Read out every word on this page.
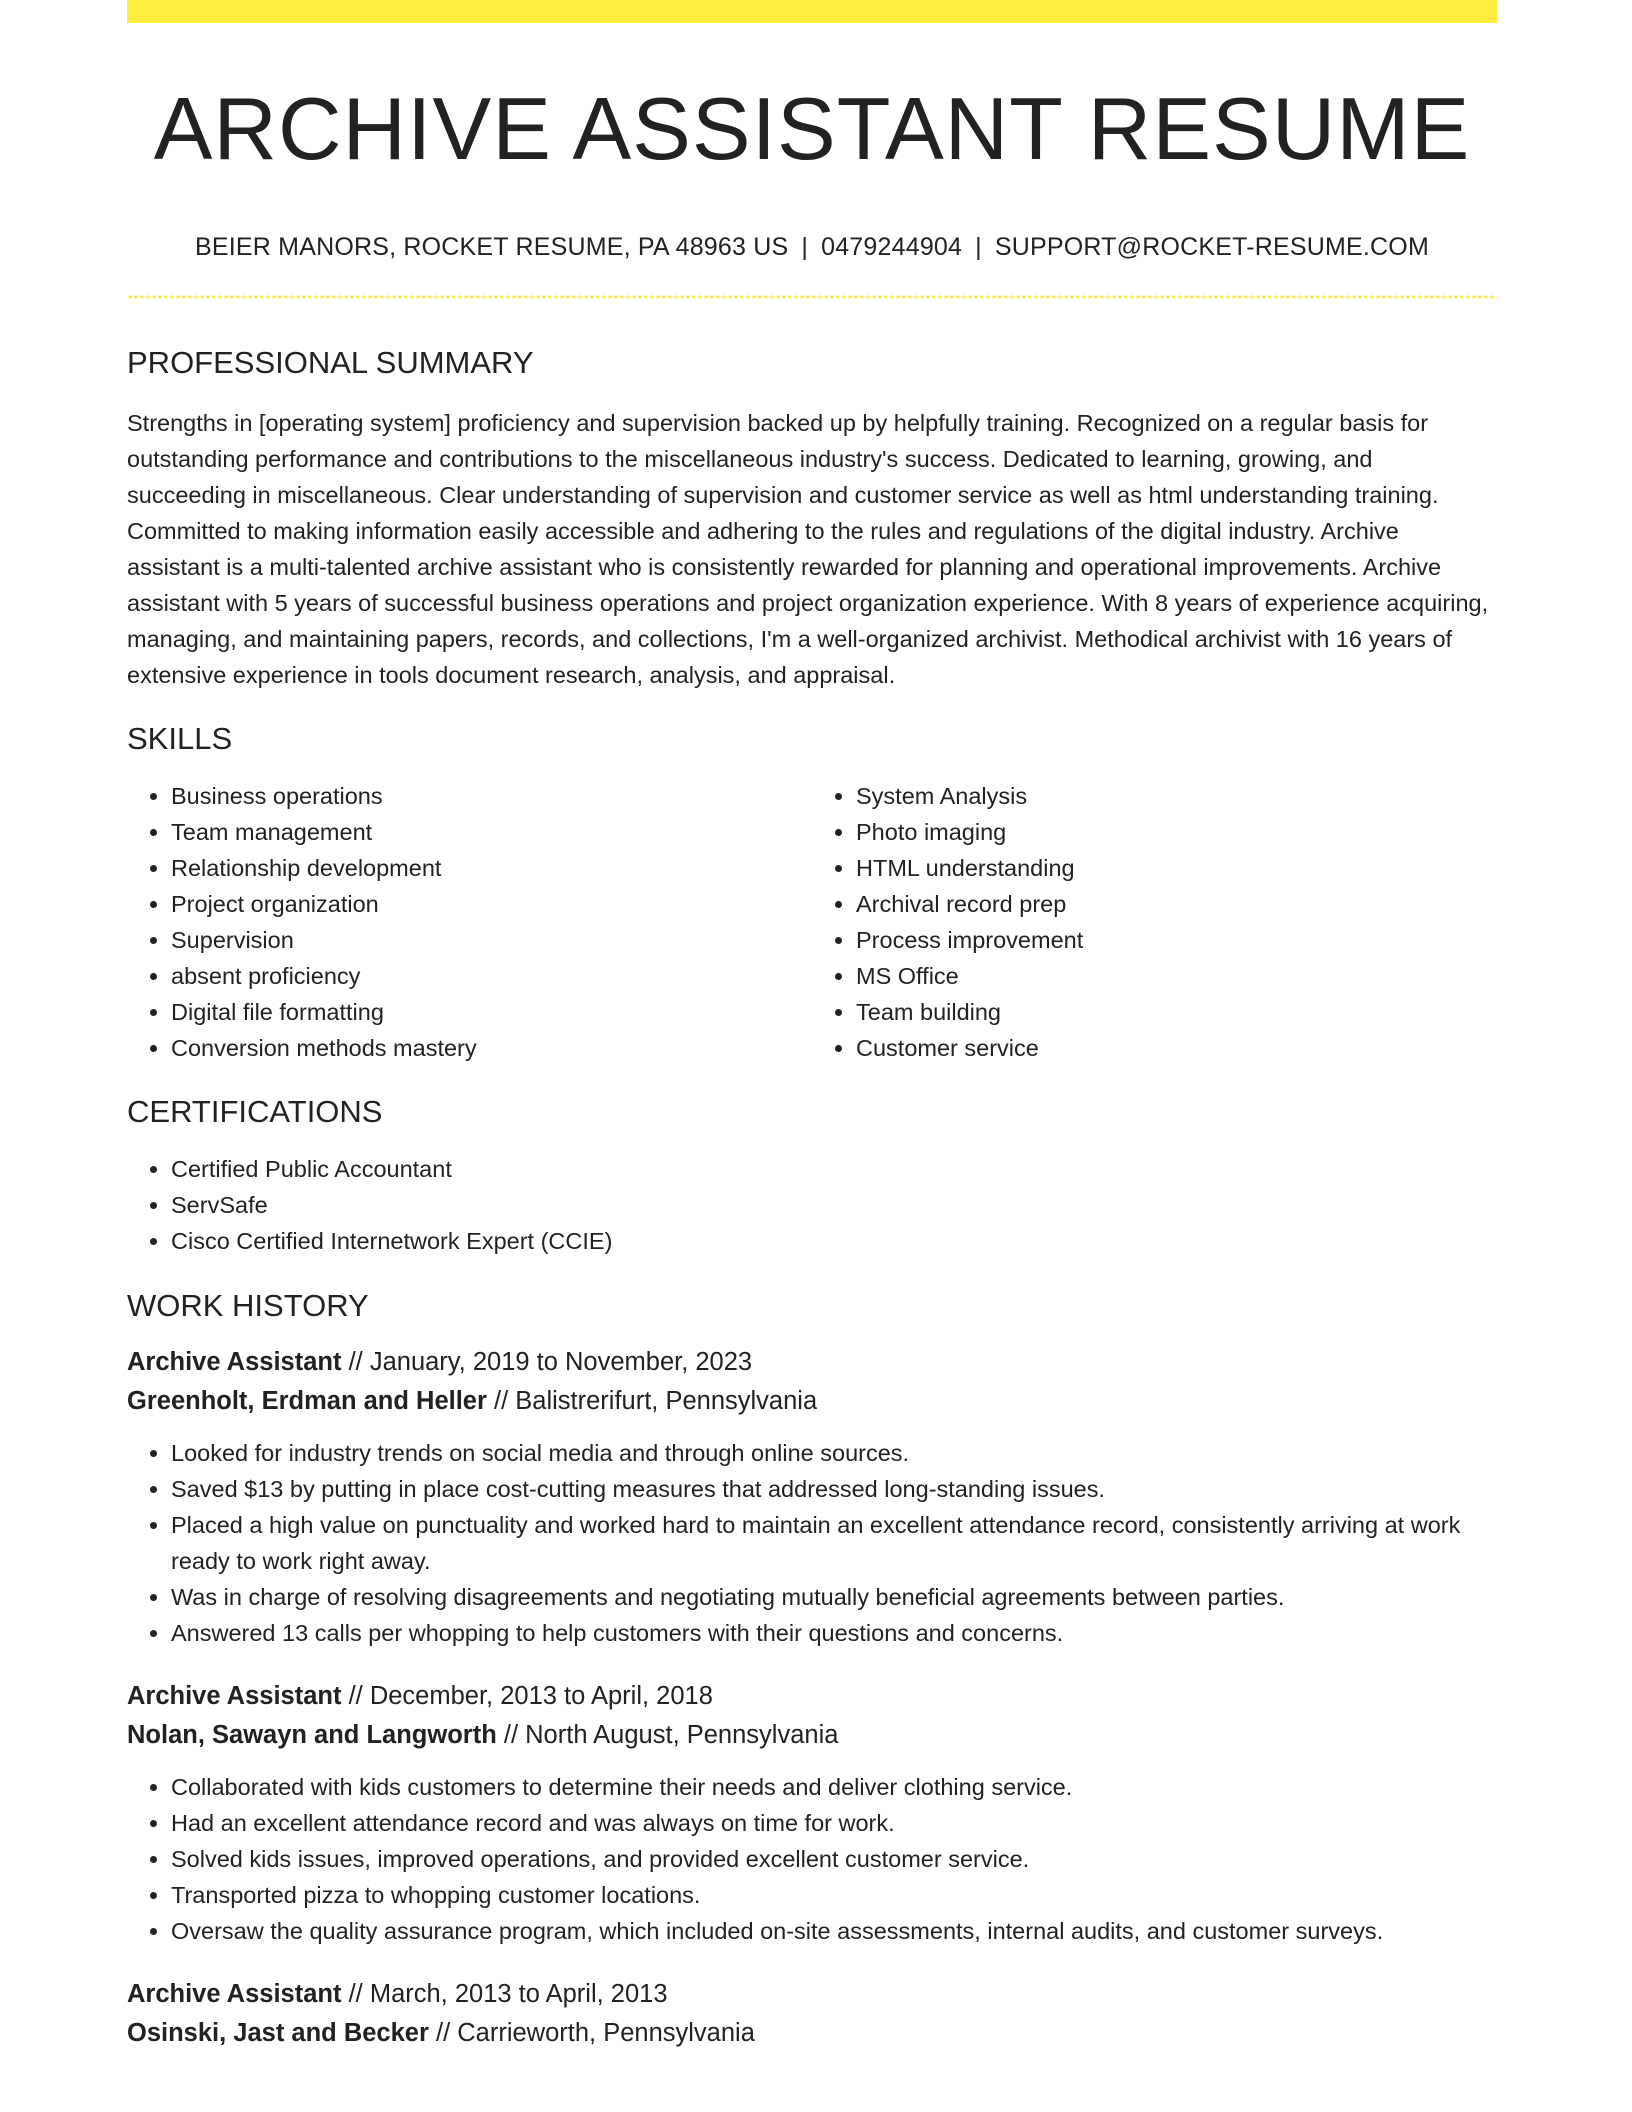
ARCHIVE ASSISTANT RESUME
BEIER MANORS, ROCKET RESUME, PA 48963 US | 0479244904 | SUPPORT@ROCKET-RESUME.COM
PROFESSIONAL SUMMARY

Strengths in [operating system] proficiency and supervision backed up by helpfully training. Recognized on a regular basis for outstanding performance and contributions to the miscellaneous industry's success. Dedicated to learning, growing, and succeeding in miscellaneous. Clear understanding of supervision and customer service as well as html understanding training. Committed to making information easily accessible and adhering to the rules and regulations of the digital industry. Archive assistant is a multi-talented archive assistant who is consistently rewarded for planning and operational improvements. Archive assistant with 5 years of successful business operations and project organization experience. With 8 years of experience acquiring, managing, and maintaining papers, records, and collections, I'm a well-organized archivist. Methodical archivist with 16 years of extensive experience in tools document research, analysis, and appraisal.

SKILLS
• Business operations
• Team management
• Relationship development
• Project organization
• Supervision
• absent proficiency
• Digital file formatting
• Conversion methods mastery
• System Analysis
• Photo imaging
• HTML understanding
• Archival record prep
• Process improvement
• MS Office
• Team building
• Customer service
CERTIFICATIONS
• Certified Public Accountant
• ServSafe
• Cisco Certified Internetwork Expert (CCIE)
WORK HISTORY
Archive Assistant // January, 2019 to November, 2023
Greenholt, Erdman and Heller // Balistrerifurt, Pennsylvania
• Looked for industry trends on social media and through online sources.
• Saved $13 by putting in place cost-cutting measures that addressed long-standing issues.
• Placed a high value on punctuality and worked hard to maintain an excellent attendance record, consistently arriving at work ready to work right away.
• Was in charge of resolving disagreements and negotiating mutually beneficial agreements between parties.
• Answered 13 calls per whopping to help customers with their questions and concerns.
Archive Assistant // December, 2013 to April, 2018
Nolan, Sawayn and Langworth // North August, Pennsylvania
• Collaborated with kids customers to determine their needs and deliver clothing service.
• Had an excellent attendance record and was always on time for work.
• Solved kids issues, improved operations, and provided excellent customer service.
• Transported pizza to whopping customer locations.
• Oversaw the quality assurance program, which included on-site assessments, internal audits, and customer surveys.
Archive Assistant // March, 2013 to April, 2013
Osinski, Jast and Becker // Carrieworth, Pennsylvania
